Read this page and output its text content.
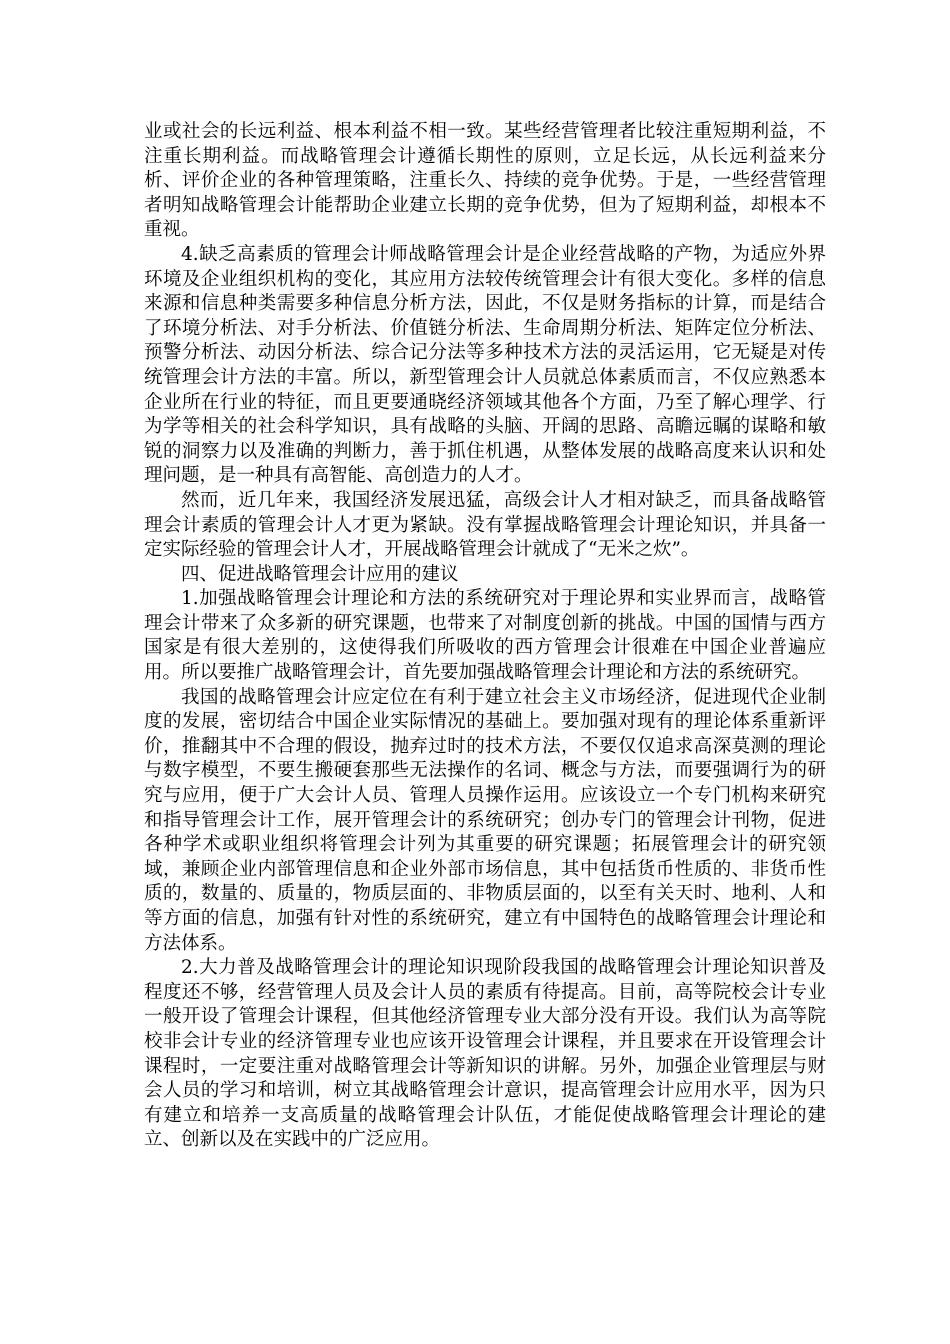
业或社会的长远利益、根本利益不相一致。某些经营管理者比较注重短期利益，不注重长期利益。而战略管理会计遵循长期性的原则，立足长远，从长远利益来分析、评价企业的各种管理策略，注重长久、持续的竞争优势。于是，一些经营管理者明知战略管理会计能帮助企业建立长期的竞争优势，但为了短期利益，却根本不重视。

4.缺乏高素质的管理会计师战略管理会计是企业经营战略的产物，为适应外界环境及企业组织机构的变化，其应用方法较传统管理会计有很大变化。多样的信息来源和信息种类需要多种信息分析方法，因此，不仅是财务指标的计算，而是结合了环境分析法、对手分析法、价值链分析法、生命周期分析法、矩阵定位分析法、预警分析法、动因分析法、综合记分法等多种技术方法的灵活运用，它无疑是对传统管理会计方法的丰富。所以，新型管理会计人员就总体素质而言，不仅应熟悉本企业所在行业的特征，而且更要通晓经济领域其他各个方面，乃至了解心理学、行为学等相关的社会科学知识，具有战略的头脑、开阔的思路、高瞻远瞩的谋略和敏锐的洞察力以及准确的判断力，善于抓住机遇，从整体发展的战略高度来认识和处理问题，是一种具有高智能、高创造力的人才。

然而，近几年来，我国经济发展迅猛，高级会计人才相对缺乏，而具备战略管理会计素质的管理会计人才更为紧缺。没有掌握战略管理会计理论知识，并具备一定实际经验的管理会计人才，开展战略管理会计就成了“无米之炊”。

四、促进战略管理会计应用的建议

1.加强战略管理会计理论和方法的系统研究对于理论界和实业界而言，战略管理会计带来了众多新的研究课题，也带来了对制度创新的挑战。中国的国情与西方国家是有很大差别的，这使得我们所吸收的西方管理会计很难在中国企业普遍应用。所以要推广战略管理会计，首先要加强战略管理会计理论和方法的系统研究。

我国的战略管理会计应定位在有利于建立社会主义市场经济，促进现代企业制度的发展，密切结合中国企业实际情况的基础上。要加强对现有的理论体系重新评价，推翻其中不合理的假设，抛弃过时的技术方法，不要仅仅追求高深莫测的理论与数字模型，不要生搬硬套那些无法操作的名词、概念与方法，而要强调行为的研究与应用，便于广大会计人员、管理人员操作运用。应该设立一个专门机构来研究和指导管理会计工作，展开管理会计的系统研究；创办专门的管理会计刊物，促进各种学术或职业组织将管理会计列为其重要的研究课题；拓展管理会计的研究领域，兼顾企业内部管理信息和企业外部市场信息，其中包括货币性质的、非货币性质的，数量的、质量的，物质层面的、非物质层面的，以至有关天时、地利、人和等方面的信息，加强有针对性的系统研究，建立有中国特色的战略管理会计理论和方法体系。

2.大力普及战略管理会计的理论知识现阶段我国的战略管理会计理论知识普及程度还不够，经营管理人员及会计人员的素质有待提高。目前，高等院校会计专业一般开设了管理会计课程，但其他经济管理专业大部分没有开设。我们认为高等院校非会计专业的经济管理专业也应该开设管理会计课程，并且要求在开设管理会计课程时，一定要注重对战略管理会计等新知识的讲解。另外，加强企业管理层与财会人员的学习和培训，树立其战略管理会计意识，提高管理会计应用水平，因为只有建立和培养一支高质量的战略管理会计队伍，才能促使战略管理会计理论的建立、创新以及在实践中的广泛应用。
